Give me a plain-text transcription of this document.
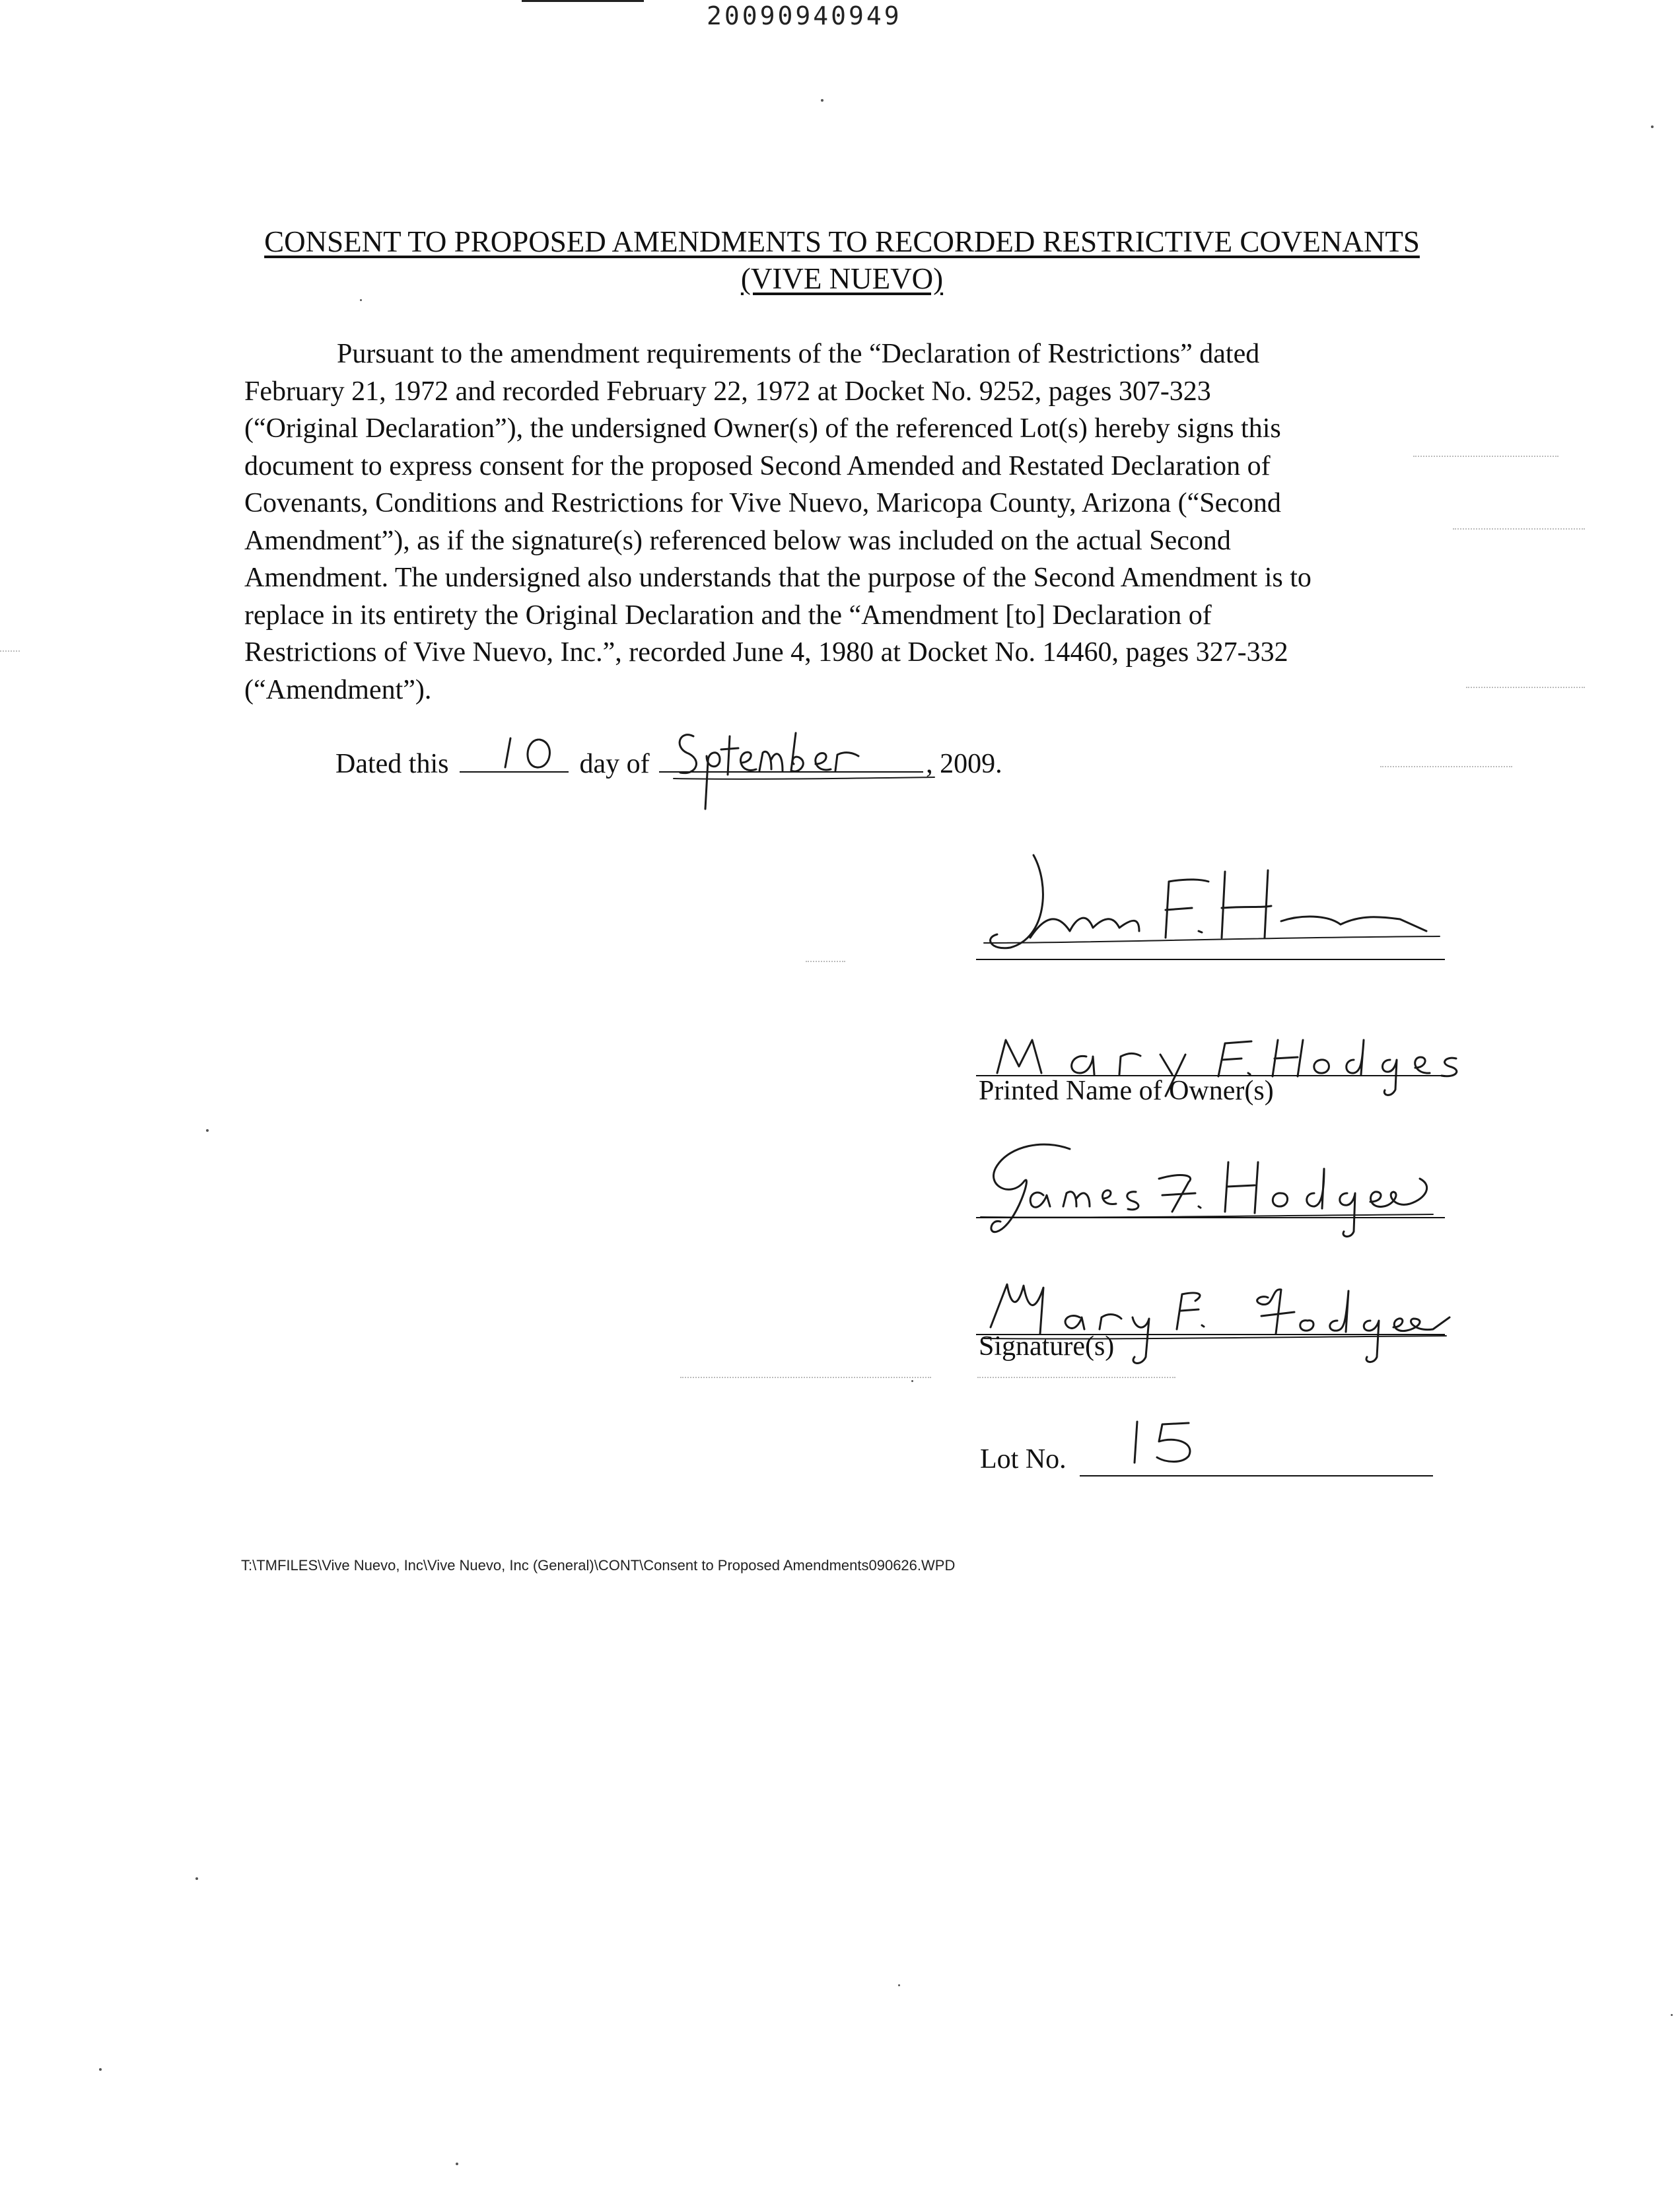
20090940949
CONSENT TO PROPOSED AMENDMENTS TO RECORDED RESTRICTIVE COVENANTS
(VIVE NUEVO)
Pursuant to the amendment requirements of the “Declaration of Restrictions” dated
February 21, 1972 and recorded February 22, 1972 at Docket No. 9252, pages 307-323
(“Original Declaration”), the undersigned Owner(s) of the referenced Lot(s) hereby signs this
document to express consent for the proposed Second Amended and Restated Declaration of
Covenants, Conditions and Restrictions for Vive Nuevo, Maricopa County, Arizona (“Second
Amendment”), as if the signature(s) referenced below was included on the actual Second
Amendment. The undersigned also understands that the purpose of the Second Amendment is to
replace in its entirety the Original Declaration and the “Amendment [to] Declaration of
Restrictions of Vive Nuevo, Inc.”, recorded June 4, 1980 at Docket No. 14460, pages 327-332
(“Amendment”).
Dated this	day of	, 2009.
Printed Name of Owner(s)
Signature(s)
Lot No.
T:\TMFILES\Vive Nuevo, Inc\Vive Nuevo, Inc (General)\CONT\Consent to Proposed Amendments090626.WPD
